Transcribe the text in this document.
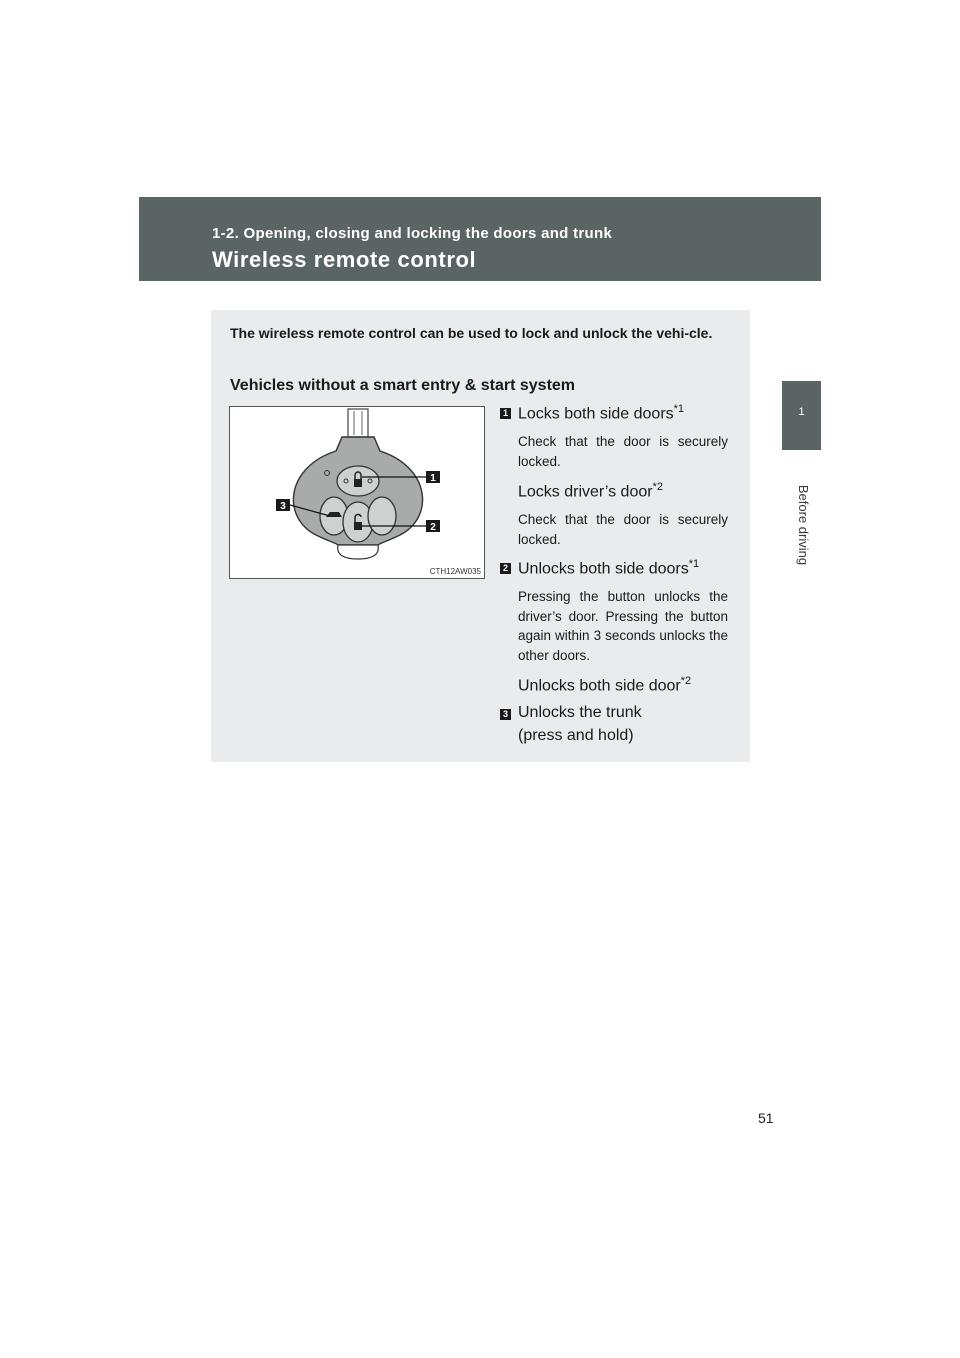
1-2. Opening, closing and locking the doors and trunk
Wireless remote control
1
Before driving
The wireless remote control can be used to lock and unlock the vehi-cle.
Vehicles without a smart entry & start system
1
2
3
CTH12AW035
1 Locks both side doors$^{*1}$
Check that the door is securely locked.
Locks driver’s door$^{*2}$
Check that the door is securely locked.
2 Unlocks both side doors$^{*1}$
Pressing the button unlocks the driver’s door. Pressing the button again within 3 seconds unlocks the other doors.
Unlocks both side door$^{*2}$
3 Unlocks the trunk
(press and hold)
51
